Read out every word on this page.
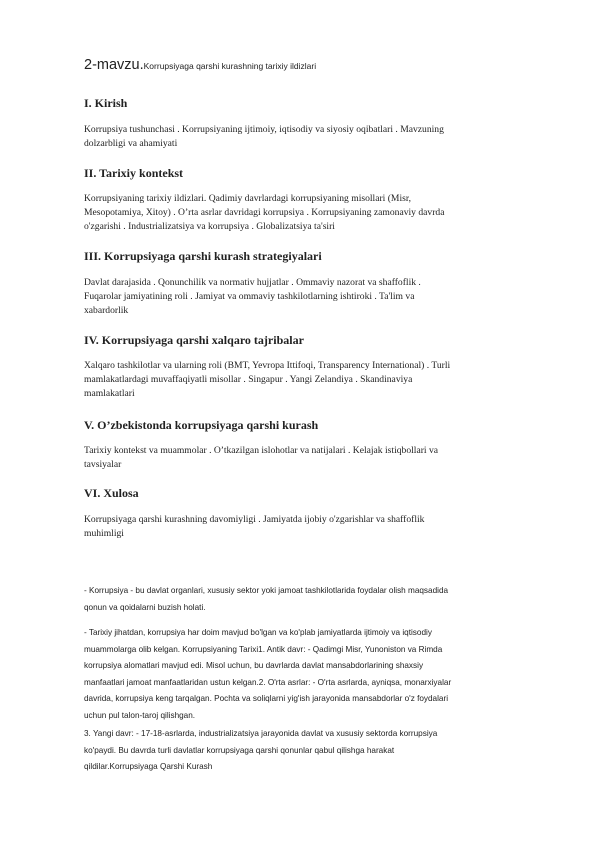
2-mavzu.Korrupsiyaga qarshi kurashning tarixiy ildizlari
I. Kirish
Korrupsiya tushunchasi . Korrupsiyaning ijtimoiy, iqtisodiy va siyosiy oqibatlari . Mavzuning
dolzarbligi va ahamiyati
II. Tarixiy kontekst
Korrupsiyaning tarixiy ildizlari. Qadimiy davrlardagi korrupsiyaning misollari (Misr,
Mesopotamiya, Xitoy) . O’rta asrlar davridagi korrupsiya . Korrupsiyaning zamonaviy davrda
o'zgarishi . Industrializatsiya va korrupsiya . Globalizatsiya ta'siri
III. Korrupsiyaga qarshi kurash strategiyalari
Davlat darajasida . Qonunchilik va normativ hujjatlar . Ommaviy nazorat va shaffoflik .
Fuqarolar jamiyatining roli . Jamiyat va ommaviy tashkilotlarning ishtiroki . Ta'lim va
xabardorlik
IV. Korrupsiyaga qarshi xalqaro tajribalar
Xalqaro tashkilotlar va ularning roli (BMT, Yevropa Ittifoqi, Transparency International) . Turli
mamlakatlardagi muvaffaqiyatli misollar . Singapur . Yangi Zelandiya . Skandinaviya
mamlakatlari
V. O’zbekistonda korrupsiyaga qarshi kurash
Tarixiy kontekst va muammolar . O’tkazilgan islohotlar va natijalari . Kelajak istiqbollari va
tavsiyalar
VI. Xulosa
Korrupsiyaga qarshi kurashning davomiyligi . Jamiyatda ijobiy o'zgarishlar va shaffoflik
muhimligi
- Korrupsiya - bu davlat organlari, xususiy sektor yoki jamoat tashkilotlarida foydalar olish maqsadida
qonun va qoidalarni buzish holati.
- Tarixiy jihatdan, korrupsiya har doim mavjud bo'lgan va ko'plab jamiyatlarda ijtimoiy va iqtisodiy
muammolarga olib kelgan. Korrupsiyaning Tarixi1. Antik davr: - Qadimgi Misr, Yunoniston va Rimda
korrupsiya alomatlari mavjud edi. Misol uchun, bu davrlarda davlat mansabdorlarining shaxsiy
manfaatlari jamoat manfaatlaridan ustun kelgan.2. O'rta asrlar: - O'rta asrlarda, ayniqsa, monarxiyalar
davrida, korrupsiya keng tarqalgan. Pochta va soliqlarni yig'ish jarayonida mansabdorlar o'z foydalari
uchun pul talon-taroj qilishgan.
3. Yangi davr: - 17-18-asrlarda, industrializatsiya jarayonida davlat va xususiy sektorda korrupsiya
ko'paydi. Bu davrda turli davlatlar korrupsiyaga qarshi qonunlar qabul qilishga harakat
qildilar.Korrupsiyaga Qarshi Kurash
